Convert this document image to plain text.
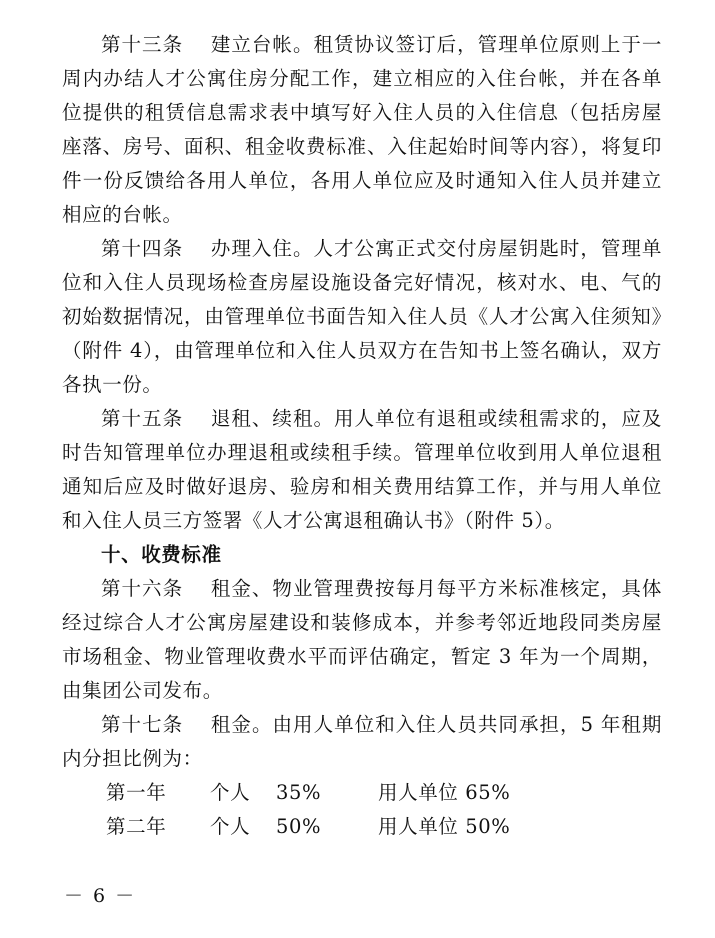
第十三条 建立台帐。租赁协议签订后，管理单位原则上于一周内办结人才公寓住房分配工作，建立相应的入住台帐，并在各单位提供的租赁信息需求表中填写好入住人员的入住信息（包括房屋座落、房号、面积、租金收费标准、入住起始时间等内容），将复印件一份反馈给各用人单位，各用人单位应及时通知入住人员并建立相应的台帐。

第十四条 办理入住。人才公寓正式交付房屋钥匙时，管理单位和入住人员现场检查房屋设施设备完好情况，核对水、电、气的初始数据情况，由管理单位书面告知入住人员《人才公寓入住须知》（附件 4），由管理单位和入住人员双方在告知书上签名确认，双方各执一份。

第十五条 退租、续租。用人单位有退租或续租需求的，应及时告知管理单位办理退租或续租手续。管理单位收到用人单位退租通知后应及时做好退房、验房和相关费用结算工作，并与用人单位和入住人员三方签署《人才公寓退租确认书》（附件 5）。

十、收费标准

第十六条 租金、物业管理费按每月每平方米标准核定，具体经过综合人才公寓房屋建设和装修成本，并参考邻近地段同类房屋市场租金、物业管理收费水平而评估确定，暂定 3 年为一个周期，由集团公司发布。

第十七条 租金。由用人单位和入住人员共同承担，5 年租期内分担比例为：

第一年 个人 35%	用人单位 65%
第二年 个人 50%	用人单位 50%
－ 6 －
